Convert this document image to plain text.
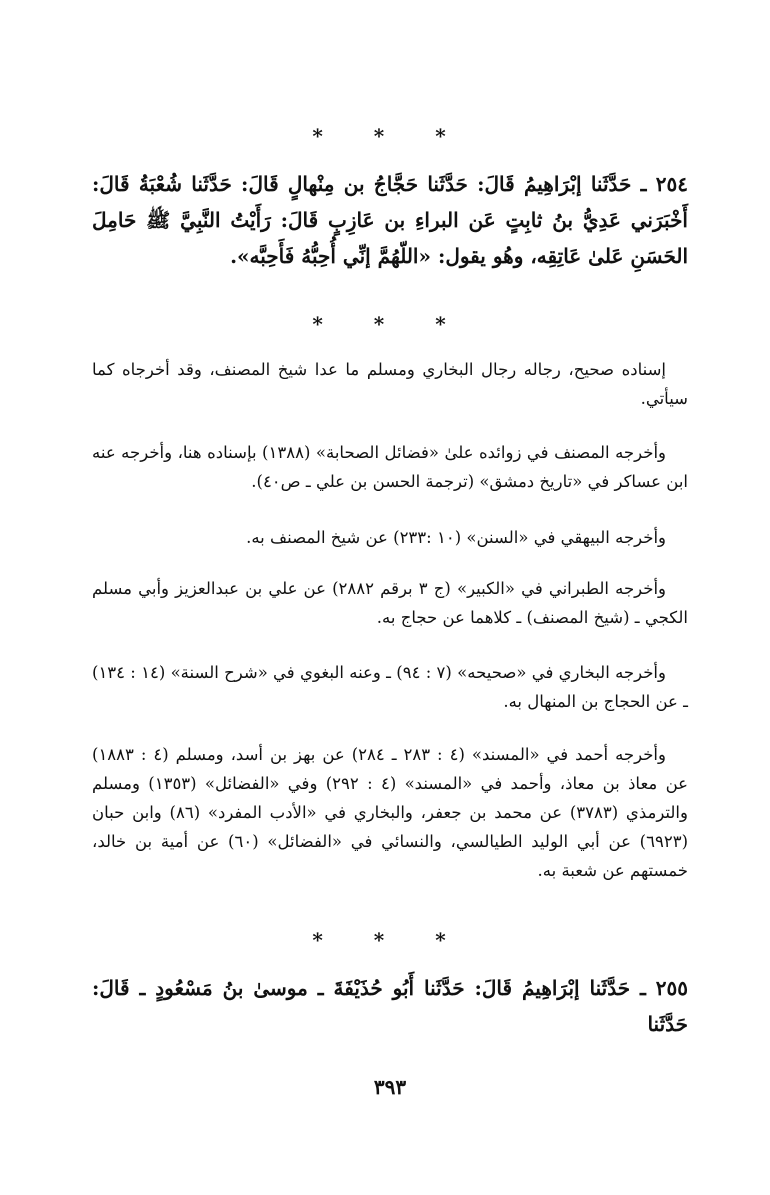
* * *

٢٥٤ ـ حَدَّثَنا إبْرَاهِيمُ قَالَ: حَدَّثَنا حَجَّاجُ بن مِنْهالٍ قَالَ: حَدَّثَنا شُعْبَةُ قَالَ: أَخْبَرَني عَدِيُّ بنُ ثابِتٍ عَن البراءِ بن عَازِبٍ قَالَ: رَأَيْتُ النَّبِيَّ ﷺ حَامِلَ الحَسَنِ عَلىٰ عَاتِقِه، وهُو يقول: «اللّهُمَّ إنِّي أُحِبُّهُ فَأَحِبَّه».

* * *

إسناده صحيح، رجاله رجال البخاري ومسلم ما عدا شيخ المصنف، وقد أخرجاه كما سيأتي.

وأخرجه المصنف في زوائده علىٰ «فضائل الصحابة» (١٣٨٨) بإسناده هنا، وأخرجه عنه ابن عساكر في «تاريخ دمشق» (ترجمة الحسن بن علي ـ ص٤٠).

وأخرجه البيهقي في «السنن» (١٠ :٢٣٣) عن شيخ المصنف به.

وأخرجه الطبراني في «الكبير» (ج ٣ برقم ٢٨٨٢) عن علي بن عبدالعزيز وأبي مسلم الكجي ـ (شيخ المصنف) ـ كلاهما عن حجاج به.

وأخرجه البخاري في «صحيحه» (٧ : ٩٤) ـ وعنه البغوي في «شرح السنة» (١٤ : ١٣٤) ـ عن الحجاج بن المنهال به.

وأخرجه أحمد في «المسند» (٤ : ٢٨٣ ـ ٢٨٤) عن بهز بن أسد، ومسلم (٤ : ١٨٨٣) عن معاذ بن معاذ، وأحمد في «المسند» (٤ : ٢٩٢) وفي «الفضائل» (١٣٥٣) ومسلم والترمذي (٣٧٨٣) عن محمد بن جعفر، والبخاري في «الأدب المفرد» (٨٦) وابن حبان (٦٩٢٣) عن أبي الوليد الطيالسي، والنسائي في «الفضائل» (٦٠) عن أمية بن خالد، خمستهم عن شعبة به.

* * *

٢٥٥ ـ حَدَّثَنا إبْرَاهِيمُ قَالَ: حَدَّثَنا أَبُو حُذَيْفَةَ ـ موسىٰ بنُ مَسْعُودٍ ـ قَالَ: حَدَّثَنا

٣٩٣
